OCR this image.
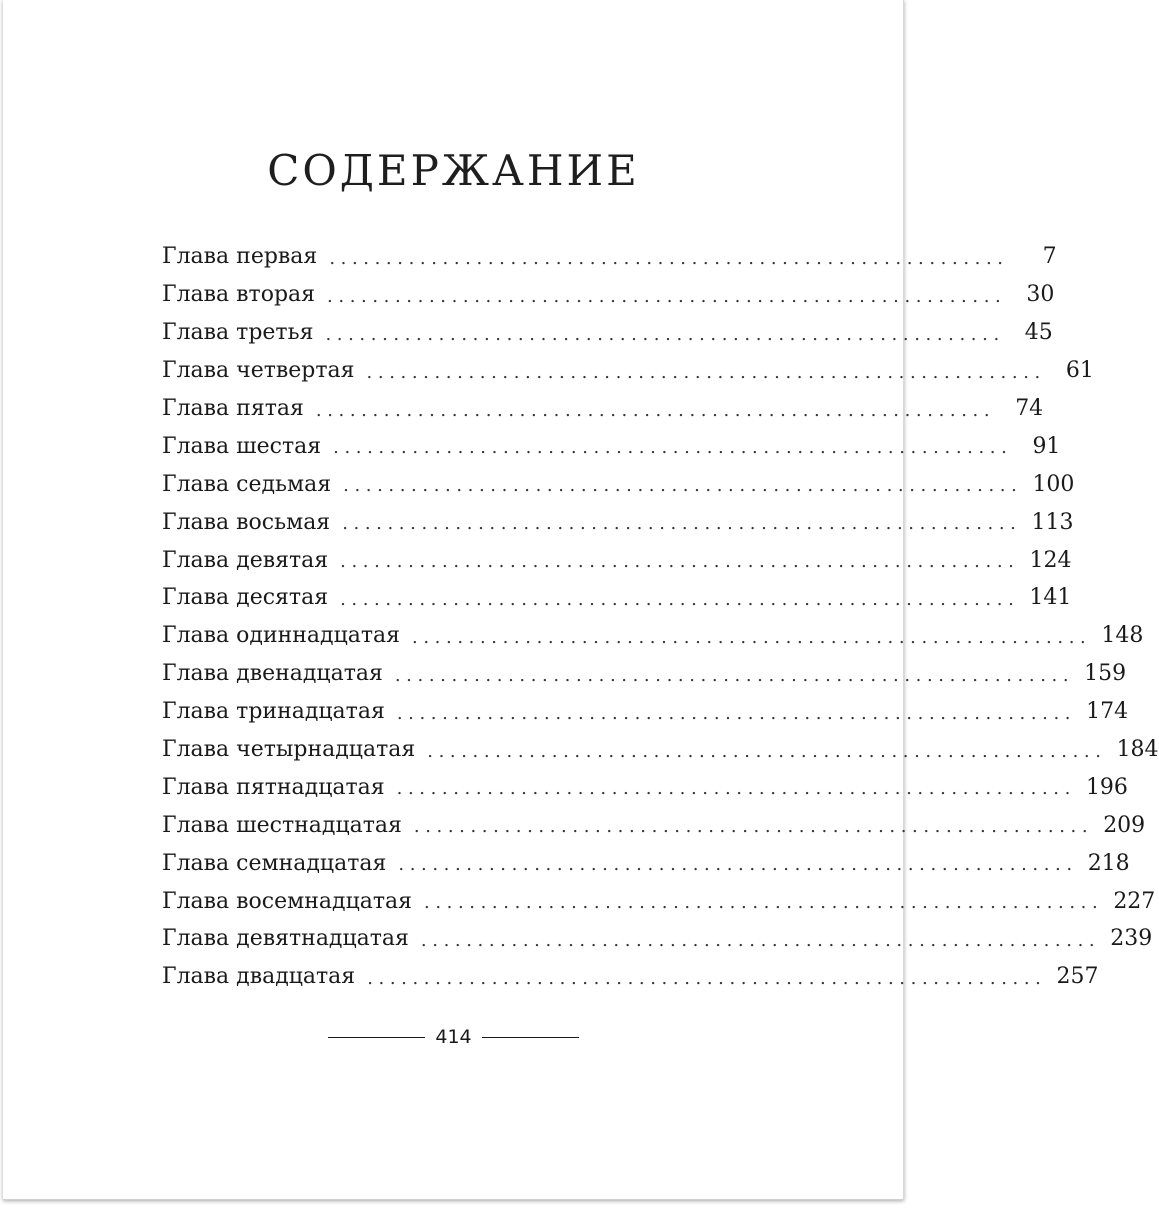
СОДЕРЖАНИЕ
Глава первая ............................................................	7
Глава вторая ............................................................ 30
Глава третья ............................................................ 45
Глава четвертая ............................................................ 61
Глава пятая ............................................................ 74
Глава шестая ............................................................ 91
Глава седьмая ............................................................ 100
Глава восьмая ............................................................ 113
Глава девятая ............................................................ 124
Глава десятая ............................................................ 141
Глава одиннадцатая ............................................................ 148
Глава двенадцатая ............................................................ 159
Глава тринадцатая ............................................................ 174
Глава четырнадцатая ............................................................ 184
Глава пятнадцатая ............................................................ 196
Глава шестнадцатая ............................................................ 209
Глава семнадцатая ............................................................ 218
Глава восемнадцатая ............................................................ 227
Глава девятнадцатая ............................................................ 239
Глава двадцатая ............................................................ 257
414
